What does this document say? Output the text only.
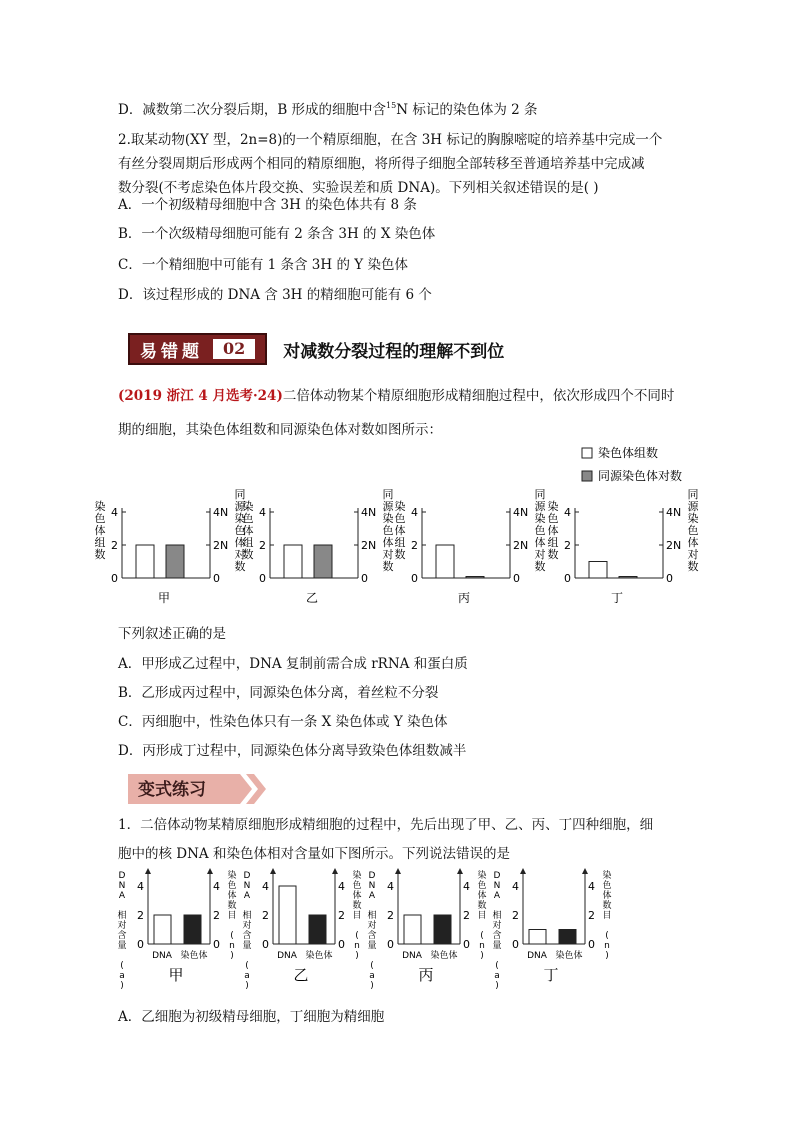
D．减数第二次分裂后期，B 形成的细胞中含$^{15}$N 标记的染色体为 2 条
2.取某动物(XY 型，2n=8)的一个精原细胞，在含 3H 标记的胸腺嘧啶的培养基中完成一个
有丝分裂周期后形成两个相同的精原细胞，将所得子细胞全部转移至普通培养基中完成减
数分裂(不考虑染色体片段交换、实验误差和质 DNA)。下列相关叙述错误的是( )
A．一个初级精母细胞中含 3H 的染色体共有 8 条
B．一个次级精母细胞可能有 2 条含 3H 的 X 染色体
C．一个精细胞中可能有 1 条含 3H 的 Y 染色体
D．该过程形成的 DNA 含 3H 的精细胞可能有 6 个
易错题	02	对减数分裂过程的理解不到位
(2019 浙江 4 月选考·24)二倍体动物某个精原细胞形成精细胞过程中，依次形成四个不同时
期的细胞，其染色体组数和同源染色体对数如图所示：
染色体组数
同源染色体对数
染色体组数
0
2
4
0
2N
4N
同源染色体对数
甲
染色体组数
0
2
4
0
2N
4N
同源染色体对数
乙
染色体组数
0
2
4
0
2N
4N
同源染色体对数
丙
染色体组数
0
2
4
0
2N
4N
同源染色体对数
丁
下列叙述正确的是
A．甲形成乙过程中，DNA 复制前需合成 rRNA 和蛋白质
B．乙形成丙过程中，同源染色体分离，着丝粒不分裂
C．丙细胞中，性染色体只有一条 X 染色体或 Y 染色体
D．丙形成丁过程中，同源染色体分离导致染色体组数减半
变式练习
1．二倍体动物某精原细胞形成精细胞的过程中，先后出现了甲、乙、丙、丁四种细胞，细
胞中的核 DNA 和染色体相对含量如下图所示。下列说法错误的是
D N A 相对含量 ( a )
0	0
2	2
4	4
染色体数目 ( n )
DNA 染色体
甲
D N A 相对含量 ( a )
0	0
2	2
4	4
染色体数目 ( n )
DNA 染色体
乙
D N A 相对含量 ( a )
0	0
2	2
4	4
染色体数目 ( n )
DNA 染色体
丙
D N A 相对含量 ( a )
0	0
2	2
4	4
染色体数目 ( n )
DNA 染色体
丁
A．乙细胞为初级精母细胞，丁细胞为精细胞
